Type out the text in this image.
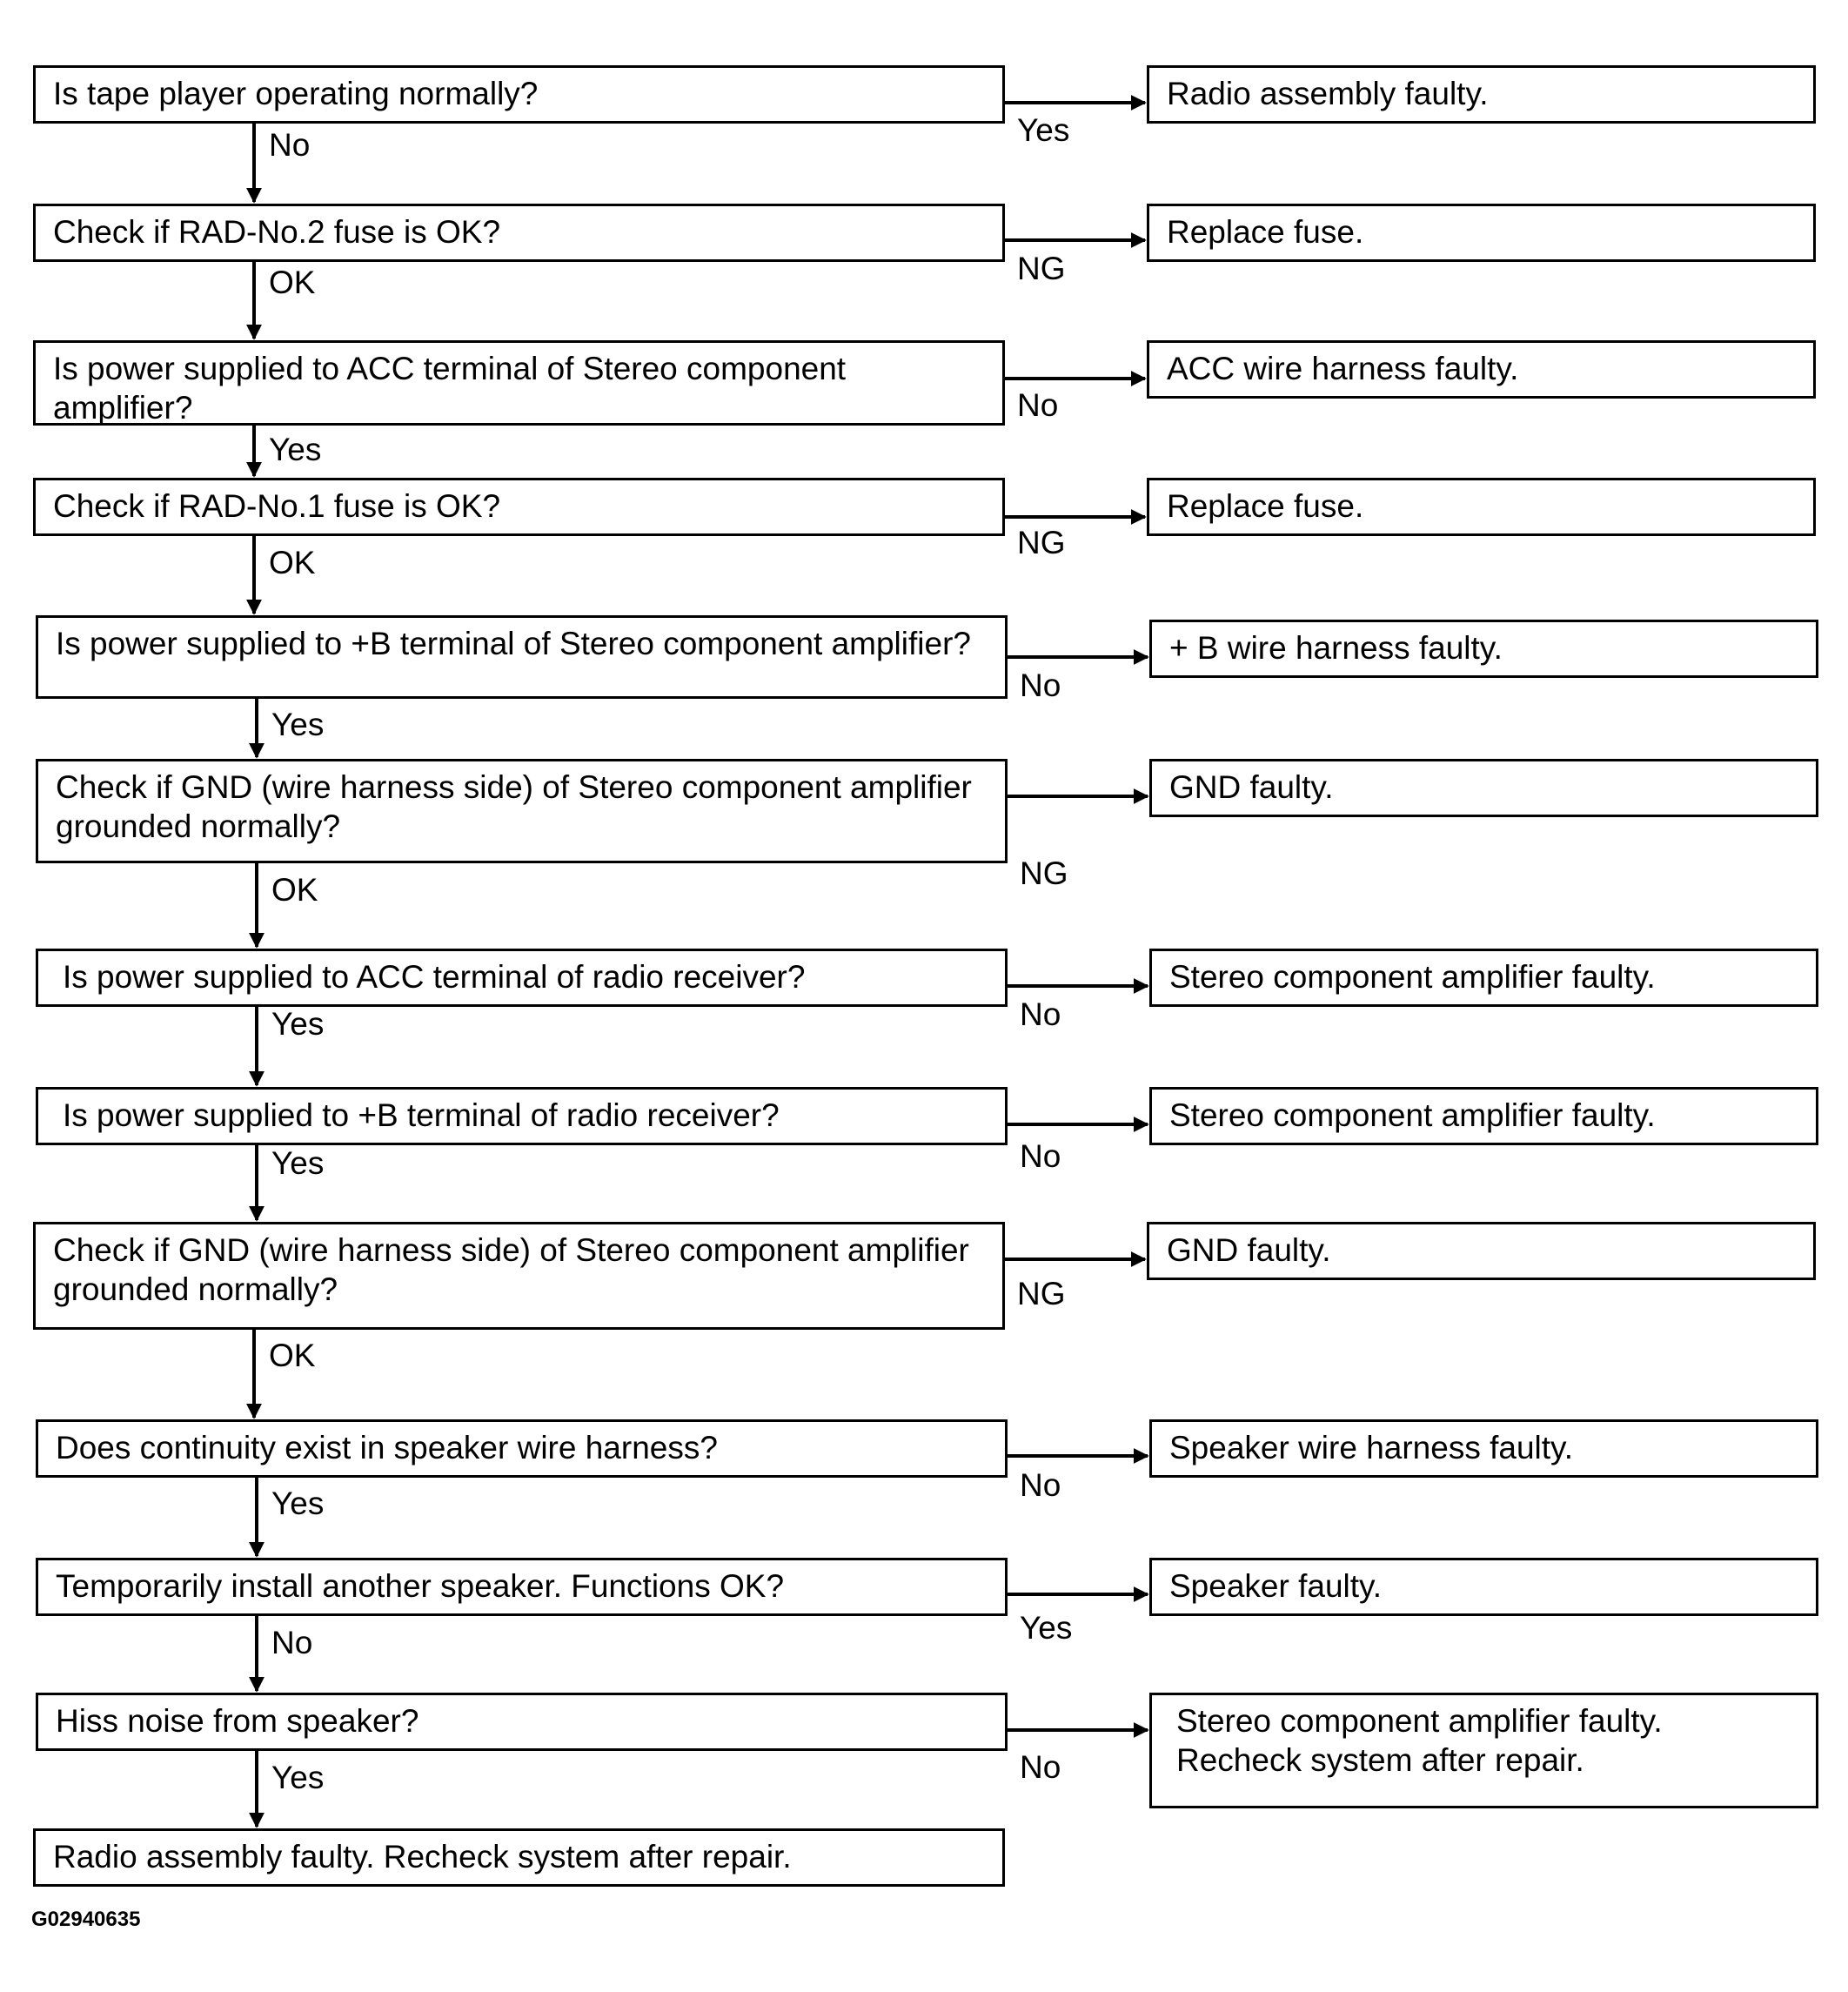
Is tape player operating normally?	Radio assembly faulty.
Yes
No
Check if RAD-No.2 fuse is OK?	Replace fuse.
NG
OK
Is power supplied to ACC terminal of Stereo component amplifier?
ACC wire harness faulty.
No
Yes
Check if RAD-No.1 fuse is OK?	Replace fuse.
NG
OK
Is power supplied to +B terminal of Stereo component amplifier?	+ B wire harness faulty.
No
Yes
Check if GND (wire harness side) of Stereo component amplifier grounded normally?
GND faulty.
NG
OK
Is power supplied to ACC terminal of radio receiver?	Stereo component amplifier faulty.
No
Yes
Is power supplied to +B terminal of radio receiver?	Stereo component amplifier faulty.
No
Yes
Check if GND (wire harness side) of Stereo component amplifier grounded normally?
GND faulty.
NG
OK
Does continuity exist in speaker wire harness?	Speaker wire harness faulty.
No
Yes
Temporarily install another speaker. Functions OK?	Speaker faulty.
Yes
No
Hiss noise from speaker?	Stereo component amplifier faulty.
Recheck system after repair.
No
Yes
Radio assembly faulty. Recheck system after repair.
G02940635
